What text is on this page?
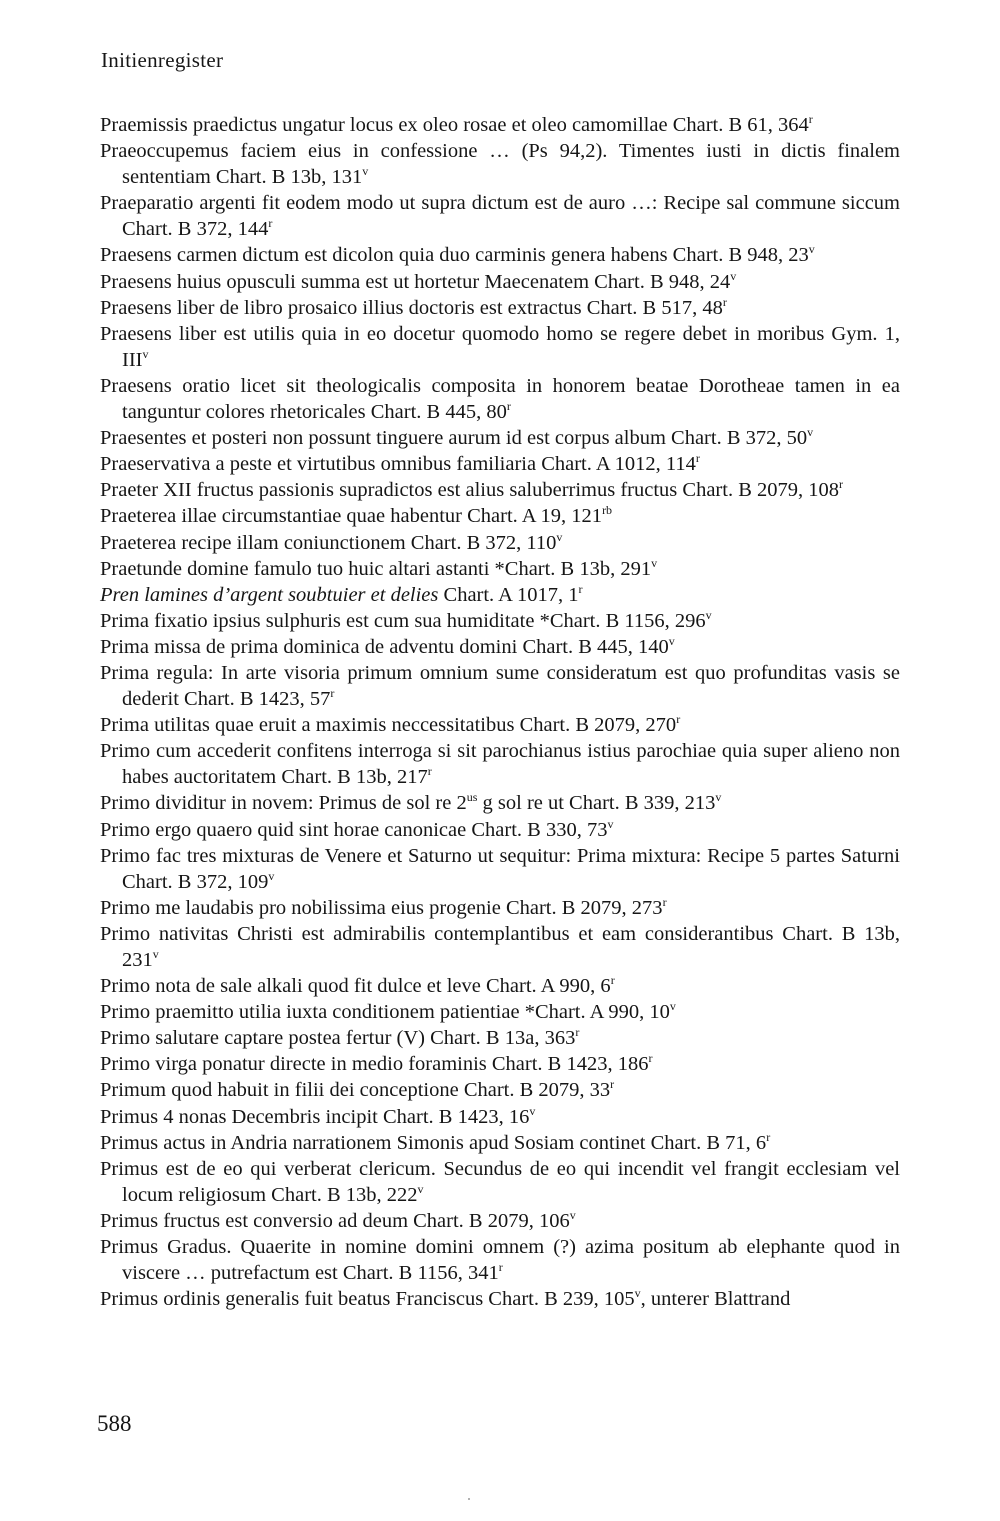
Initienregister

Praemissis praedictus ungatur locus ex oleo rosae et oleo camomillae Chart. B 61, 364$^r$

Praeoccupemus faciem eius in confessione … (Ps 94,2). Timentes iusti in dictis finalem sententiam Chart. B 13b, 131$^v$

Praeparatio argenti fit eodem modo ut supra dictum est de auro …: Recipe sal commune siccum Chart. B 372, 144$^r$

Praesens carmen dictum est dicolon quia duo carminis genera habens Chart. B 948, 23$^v$

Praesens huius opusculi summa est ut hortetur Maecenatem Chart. B 948, 24$^v$

Praesens liber de libro prosaico illius doctoris est extractus Chart. B 517, 48$^r$

Praesens liber est utilis quia in eo docetur quomodo homo se regere debet in moribus Gym. 1, III$^v$

Praesens oratio licet sit theologicalis composita in honorem beatae Dorotheae tamen in ea tanguntur colores rhetoricales Chart. B 445, 80$^r$

Praesentes et posteri non possunt tinguere aurum id est corpus album Chart. B 372, 50$^v$

Praeservativa a peste et virtutibus omnibus familiaria Chart. A 1012, 114$^r$

Praeter XII fructus passionis supradictos est alius saluberrimus fructus Chart. B 2079, 108$^r$

Praeterea illae circumstantiae quae habentur Chart. A 19, $121^{rb}$

Praeterea recipe illam coniunctionem Chart. B 372, 110$^v$

Praetunde domine famulo tuo huic altari astanti *Chart. B 13b, 291$^v$

Pren lamines d’argent soubtuier et delies Chart. A 1017, 1$^r$

Prima fixatio ipsius sulphuris est cum sua humiditate *Chart. B 1156, 296$^v$

Prima missa de prima dominica de adventu domini Chart. B 445, 140$^v$

Prima regula: In arte visoria primum omnium sume consideratum est quo profunditas vasis se dederit Chart. B 1423, 57$^r$

Prima utilitas quae eruit a maximis neccessitatibus Chart. B 2079, 270$^r$

Primo cum accederit confitens interroga si sit parochianus istius parochiae quia super alieno non habes auctoritatem Chart. B 13b, 217$^r$

Primo dividitur in novem: Primus de sol re $2^{us}$ g sol re ut Chart. B 339, 213$^v$

Primo ergo quaero quid sint horae canonicae Chart. B 330, 73$^v$

Primo fac tres mixturas de Venere et Saturno ut sequitur: Prima mixtura: Recipe 5 partes Saturni Chart. B 372, 109$^v$

Primo me laudabis pro nobilissima eius progenie Chart. B 2079, 273$^r$

Primo nativitas Christi est admirabilis contemplantibus et eam considerantibus Chart. B 13b, 231$^v$

Primo nota de sale alkali quod fit dulce et leve Chart. A 990, 6$^r$

Primo praemitto utilia iuxta conditionem patientiae *Chart. A 990, 10$^v$

Primo salutare captare postea fertur (V) Chart. B 13a, 363$^r$

Primo virga ponatur directe in medio foraminis Chart. B 1423, 186$^r$

Primum quod habuit in filii dei conceptione Chart. B 2079, 33$^r$

Primus 4 nonas Decembris incipit Chart. B 1423, 16$^v$

Primus actus in Andria narrationem Simonis apud Sosiam continet Chart. B 71, 6$^r$

Primus est de eo qui verberat clericum. Secundus de eo qui incendit vel frangit ecclesiam vel locum religiosum Chart. B 13b, 222$^v$

Primus fructus est conversio ad deum Chart. B 2079, 106$^v$

Primus Gradus. Quaerite in nomine domini omnem (?) azima positum ab elephante quod in viscere … putrefactum est Chart. B 1156, 341$^r$

Primus ordinis generalis fuit beatus Franciscus Chart. B 239, 105$^v$, unterer Blattrand

588
